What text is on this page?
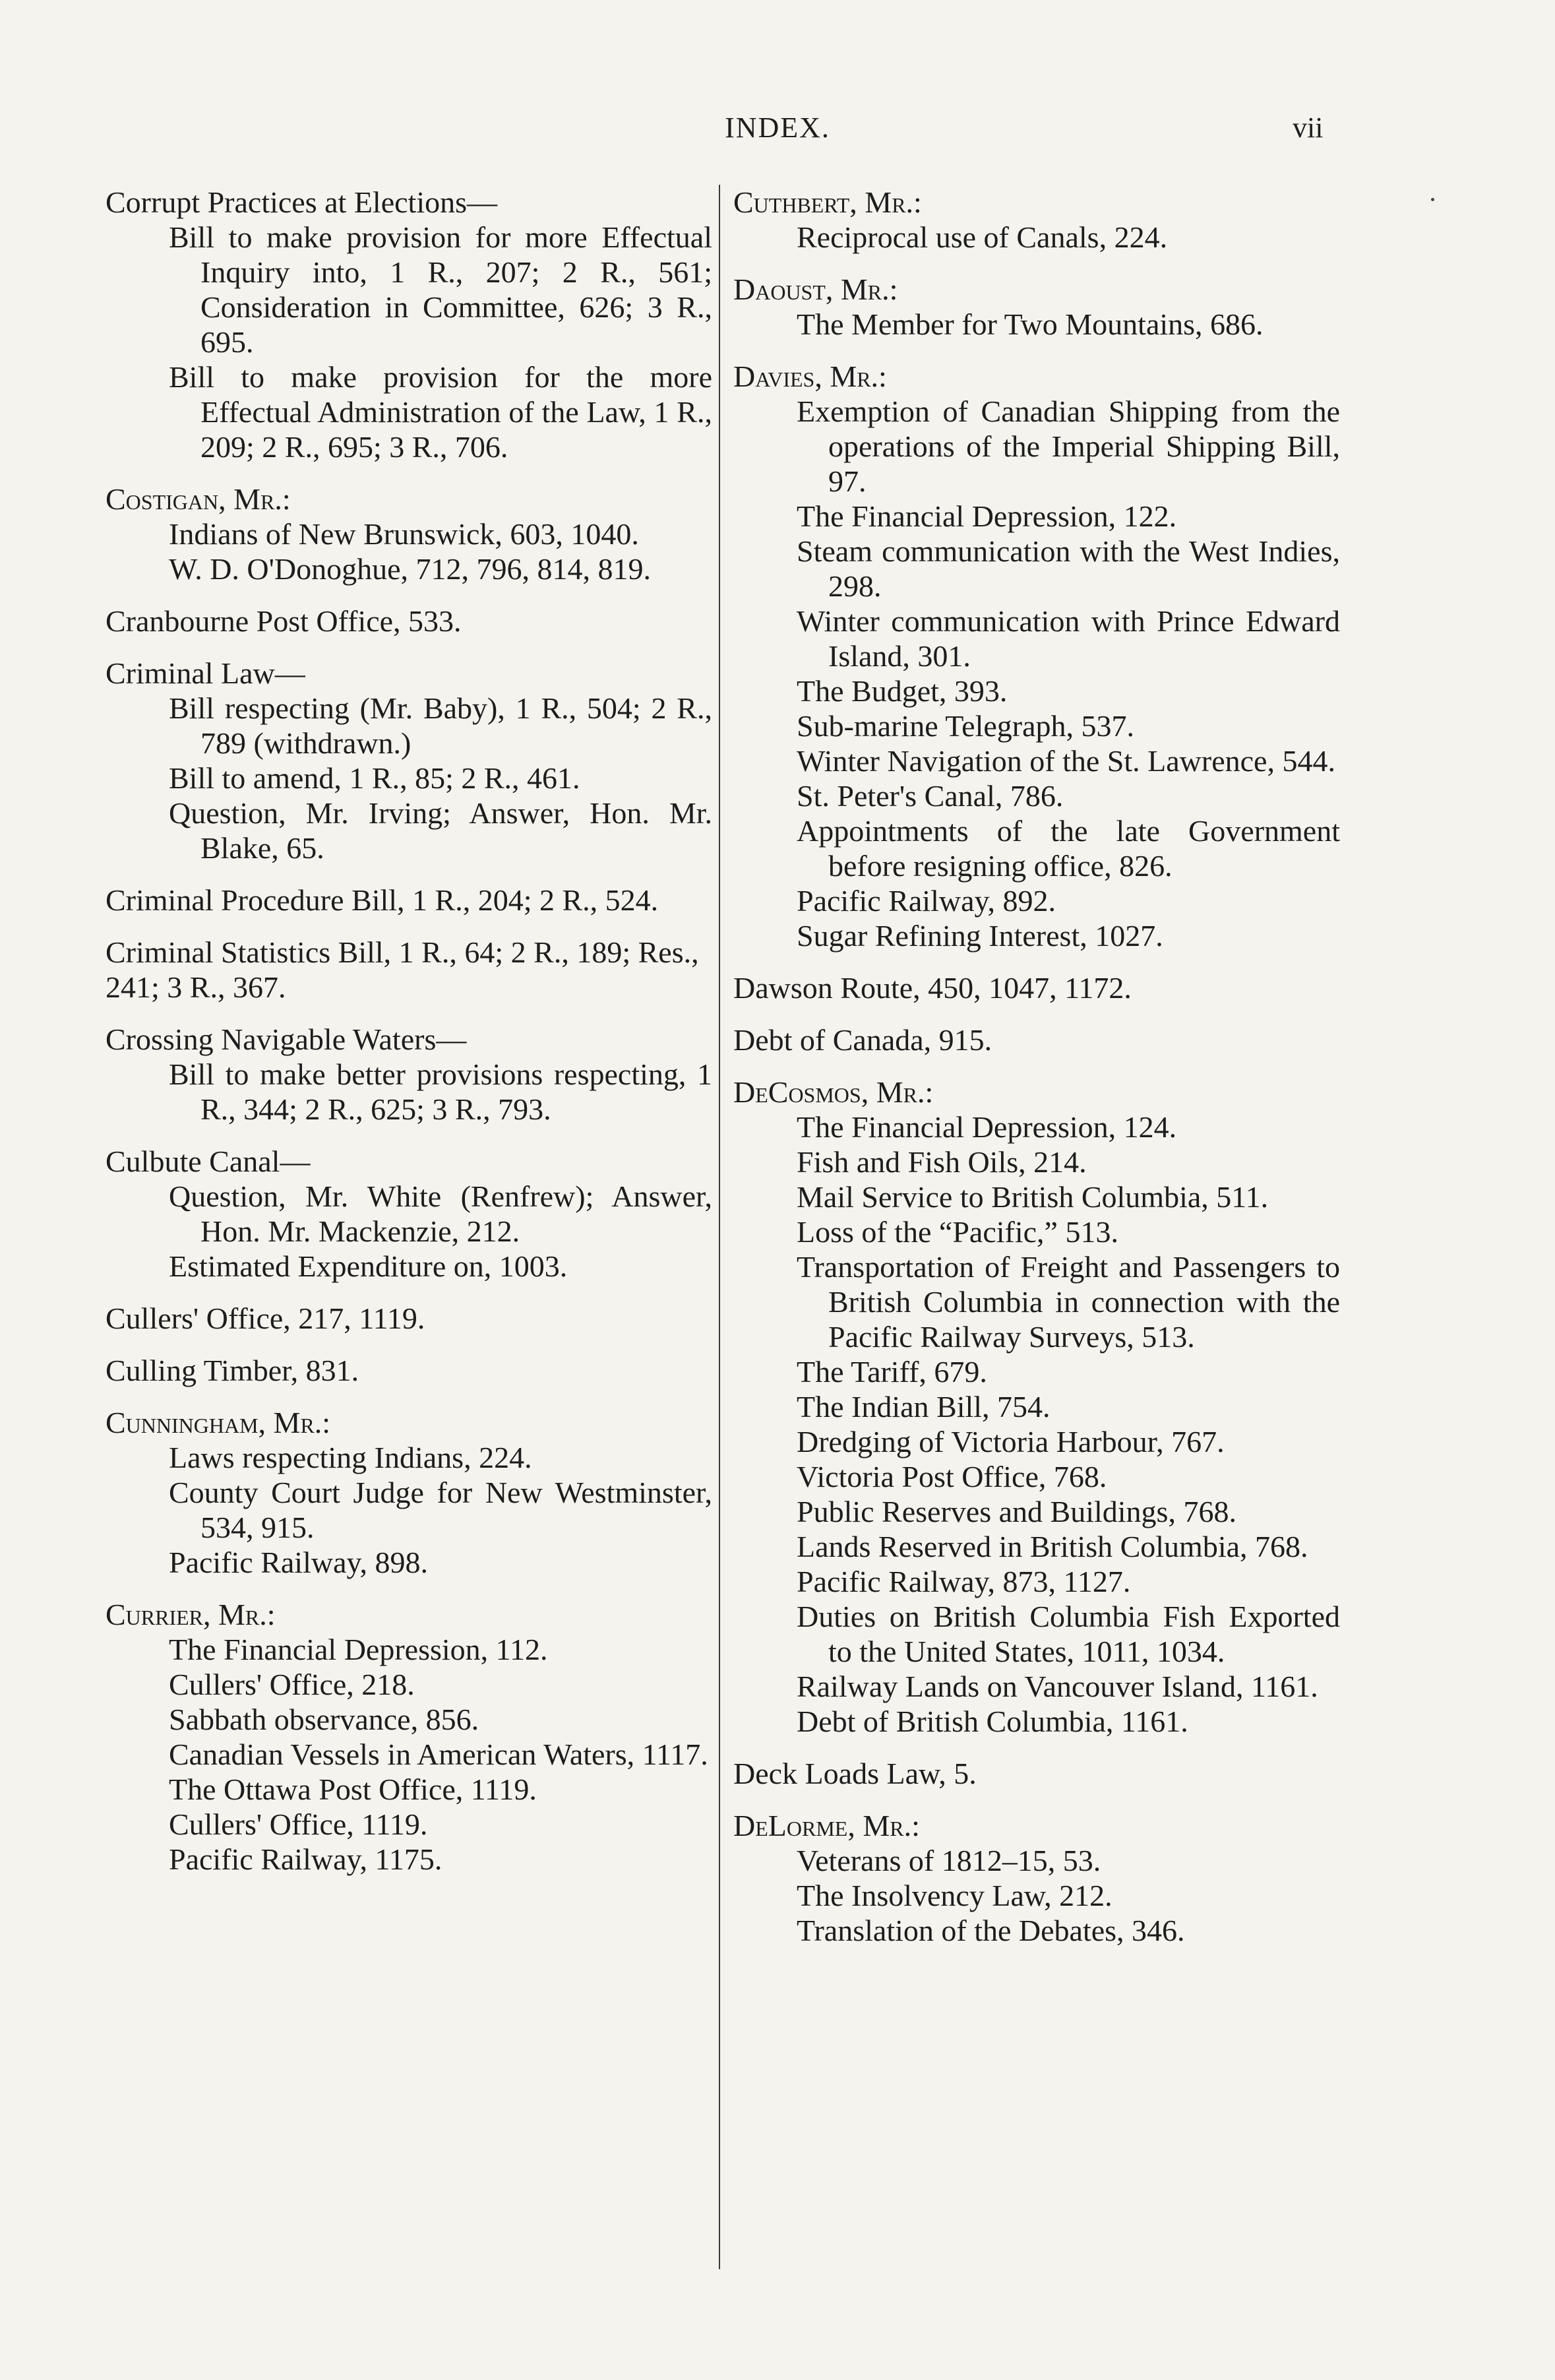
INDEX.	vii
Corrupt Practices at Elections—
Bill to make provision for more Effectual Inquiry into, 1 R., 207; 2 R., 561; Consideration in Committee, 626; 3 R., 695.
Bill to make provision for the more Effectual Administration of the Law, 1 R., 209; 2 R., 695; 3 R., 706.
Costigan, Mr.:
Indians of New Brunswick, 603, 1040.
W. D. O'Donoghue, 712, 796, 814, 819.
Cranbourne Post Office, 533.
Criminal Law—
Bill respecting (Mr. Baby), 1 R., 504; 2 R., 789 (withdrawn.)
Bill to amend, 1 R., 85; 2 R., 461.
Question, Mr. Irving; Answer, Hon. Mr. Blake, 65.
Criminal Procedure Bill, 1 R., 204; 2 R., 524.
Criminal Statistics Bill, 1 R., 64; 2 R., 189; Res., 241; 3 R., 367.
Crossing Navigable Waters—
Bill to make better provisions respecting, 1 R., 344; 2 R., 625; 3 R., 793.
Culbute Canal—
Question, Mr. White (Renfrew); Answer, Hon. Mr. Mackenzie, 212.
Estimated Expenditure on, 1003.
Cullers' Office, 217, 1119.
Culling Timber, 831.
Cunningham, Mr.:
Laws respecting Indians, 224.
County Court Judge for New Westminster, 534, 915.
Pacific Railway, 898.
Currier, Mr.:
The Financial Depression, 112.
Cullers' Office, 218.
Sabbath observance, 856.
Canadian Vessels in American Waters, 1117.
The Ottawa Post Office, 1119.
Cullers' Office, 1119.
Pacific Railway, 1175.
Cuthbert, Mr.:
Reciprocal use of Canals, 224.
Daoust, Mr.:
The Member for Two Mountains, 686.
Davies, Mr.:
Exemption of Canadian Shipping from the operations of the Imperial Shipping Bill, 97.
The Financial Depression, 122.
Steam communication with the West Indies, 298.
Winter communication with Prince Edward Island, 301.
The Budget, 393.
Sub-marine Telegraph, 537.
Winter Navigation of the St. Lawrence, 544.
St. Peter's Canal, 786.
Appointments of the late Government before resigning office, 826.
Pacific Railway, 892.
Sugar Refining Interest, 1027.
Dawson Route, 450, 1047, 1172.
Debt of Canada, 915.
DeCosmos, Mr.:
The Financial Depression, 124.
Fish and Fish Oils, 214.
Mail Service to British Columbia, 511.
Loss of the “Pacific,” 513.
Transportation of Freight and Passengers to British Columbia in connection with the Pacific Railway Surveys, 513.
The Tariff, 679.
The Indian Bill, 754.
Dredging of Victoria Harbour, 767.
Victoria Post Office, 768.
Public Reserves and Buildings, 768.
Lands Reserved in British Columbia, 768.
Pacific Railway, 873, 1127.
Duties on British Columbia Fish Exported to the United States, 1011, 1034.
Railway Lands on Vancouver Island, 1161.
Debt of British Columbia, 1161.
Deck Loads Law, 5.
DeLorme, Mr.:
Veterans of 1812–15, 53.
The Insolvency Law, 212.
Translation of the Debates, 346.
